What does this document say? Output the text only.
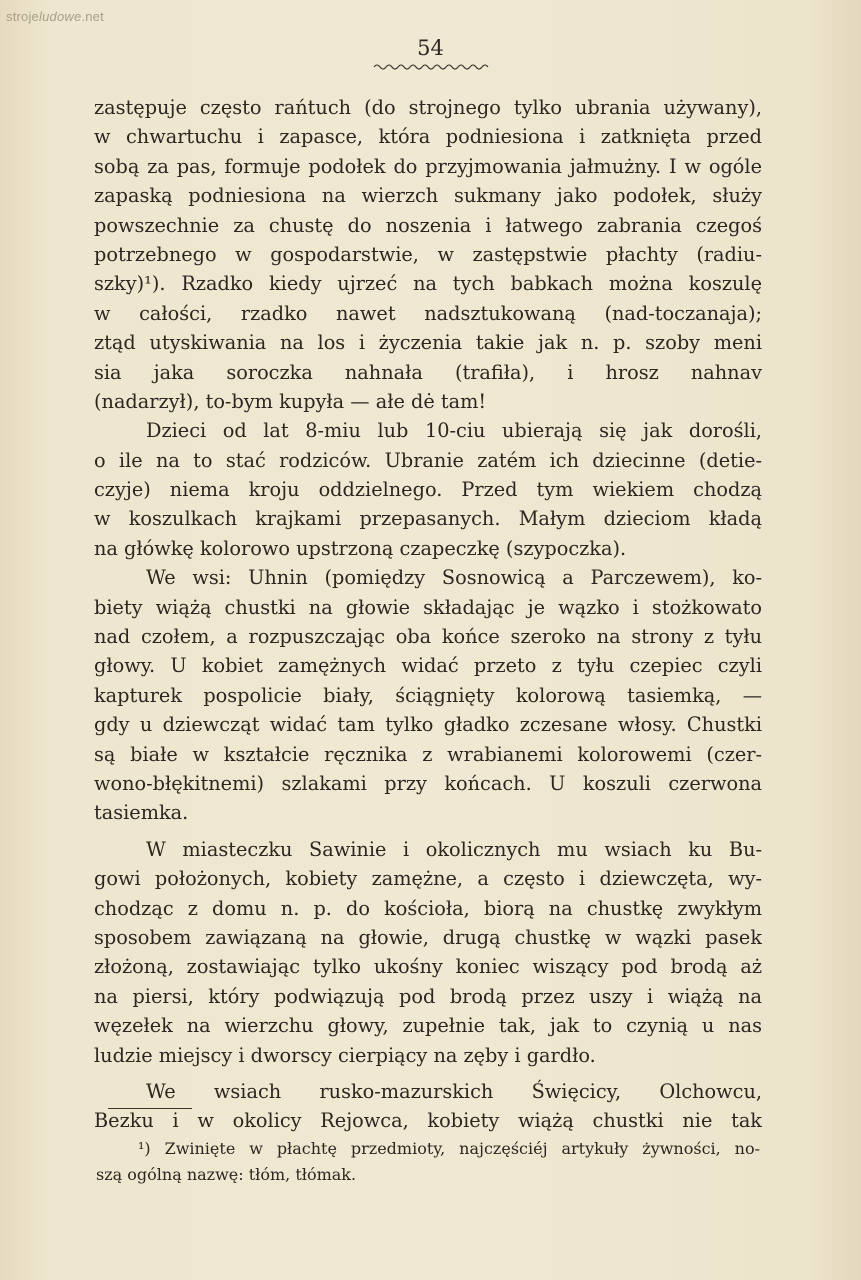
strojeludowe.net
54
zastępuje często rańtuch (do strojnego tylko ubrania używany),
w chwartuchu i zapasce, która podniesiona i zatknięta przed
sobą za pas, formuje podołek do przyjmowania jałmużny. I w ogóle
zapaską podniesiona na wierzch sukmany jako podołek, służy
powszechnie za chustę do noszenia i łatwego zabrania czegoś
potrzebnego w gospodarstwie, w zastępstwie płachty (radiu-
szky)¹). Rzadko kiedy ujrzeć na tych babkach można koszulę
w całości, rzadko nawet nadsztukowaną (nad-toczanaja);
ztąd utyskiwania na los i życzenia takie jak n. p. szoby meni
sia jaka soroczka nahnała (trafiła), i hrosz nahnav
(nadarzył), to-bym kupyła — ałe dė tam!
Dzieci od lat 8-miu lub 10-ciu ubierają się jak dorośli,
o ile na to stać rodziców. Ubranie zatém ich dziecinne (detie-
czyje) niema kroju oddzielnego. Przed tym wiekiem chodzą
w koszulkach krajkami przepasanych. Małym dzieciom kładą
na główkę kolorowo upstrzoną czapeczkę (szypoczka).
We wsi: Uhnin (pomiędzy Sosnowicą a Parczewem), ko-
biety wiążą chustki na głowie składając je wązko i stożkowato
nad czołem, a rozpuszczając oba końce szeroko na strony z tyłu
głowy. U kobiet zamężnych widać przeto z tyłu czepiec czyli
kapturek pospolicie biały, ściągnięty kolorową tasiemką, —
gdy u dziewcząt widać tam tylko gładko zczesane włosy. Chustki
są białe w kształcie ręcznika z wrabianemi kolorowemi (czer-
wono-błękitnemi) szlakami przy końcach. U koszuli czerwona
tasiemka.
W miasteczku Sawinie i okolicznych mu wsiach ku Bu-
gowi położonych, kobiety zamężne, a często i dziewczęta, wy-
chodząc z domu n. p. do kościoła, biorą na chustkę zwykłym
sposobem zawiązaną na głowie, drugą chustkę w wązki pasek
złożoną, zostawiając tylko ukośny koniec wiszący pod brodą aż
na piersi, który podwiązują pod brodą przez uszy i wiążą na
węzełek na wierzchu głowy, zupełnie tak, jak to czynią u nas
ludzie miejscy i dworscy cierpiący na zęby i gardło.
We wsiach rusko-mazurskich Święcicy, Olchowcu,
Bezku i w okolicy Rejowca, kobiety wiążą chustki nie tak
¹) Zwinięte w płachtę przedmioty, najczęściéj artykuły żywności, no-
szą ogólną nazwę: tłóm, tłómak.
